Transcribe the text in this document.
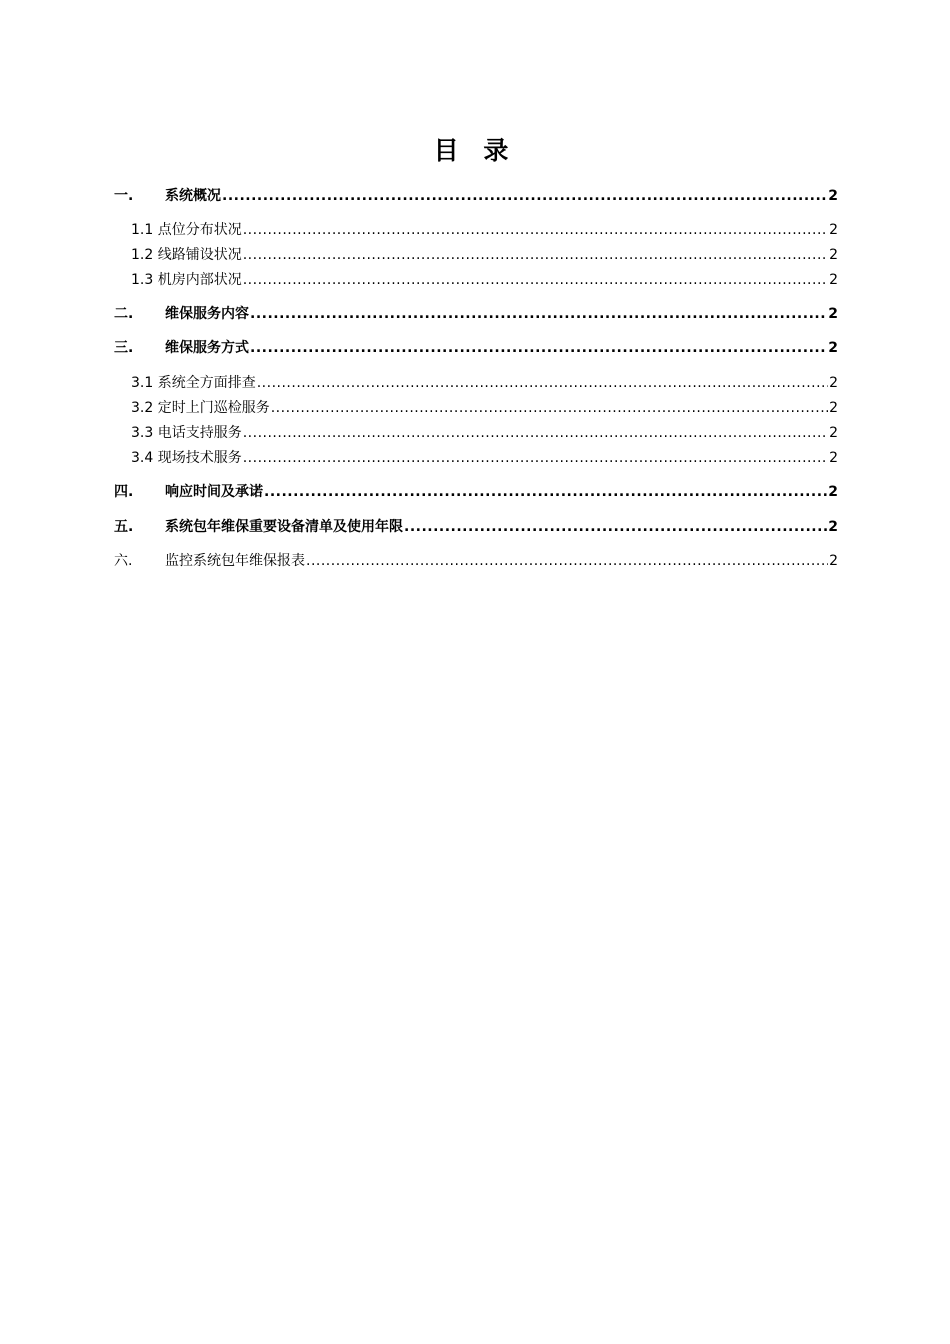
目 录
一.	系统概况 .....	2
1.1 点位分布状况 .....	2
1.2 线路铺设状况 .....	2
1.3 机房内部状况 .....	2
二.	维保服务内容 .....	2
三.	维保服务方式 .....	2
3.1 系统全方面排查 .....	2
3.2 定时上门巡检服务 .....	2
3.3 电话支持服务 .....	2
3.4 现场技术服务 .....	2
四.	响应时间及承诺 .....	2
五.	系统包年维保重要设备清单及使用年限 .....	2
六.	监控系统包年维保报表 .....	2
